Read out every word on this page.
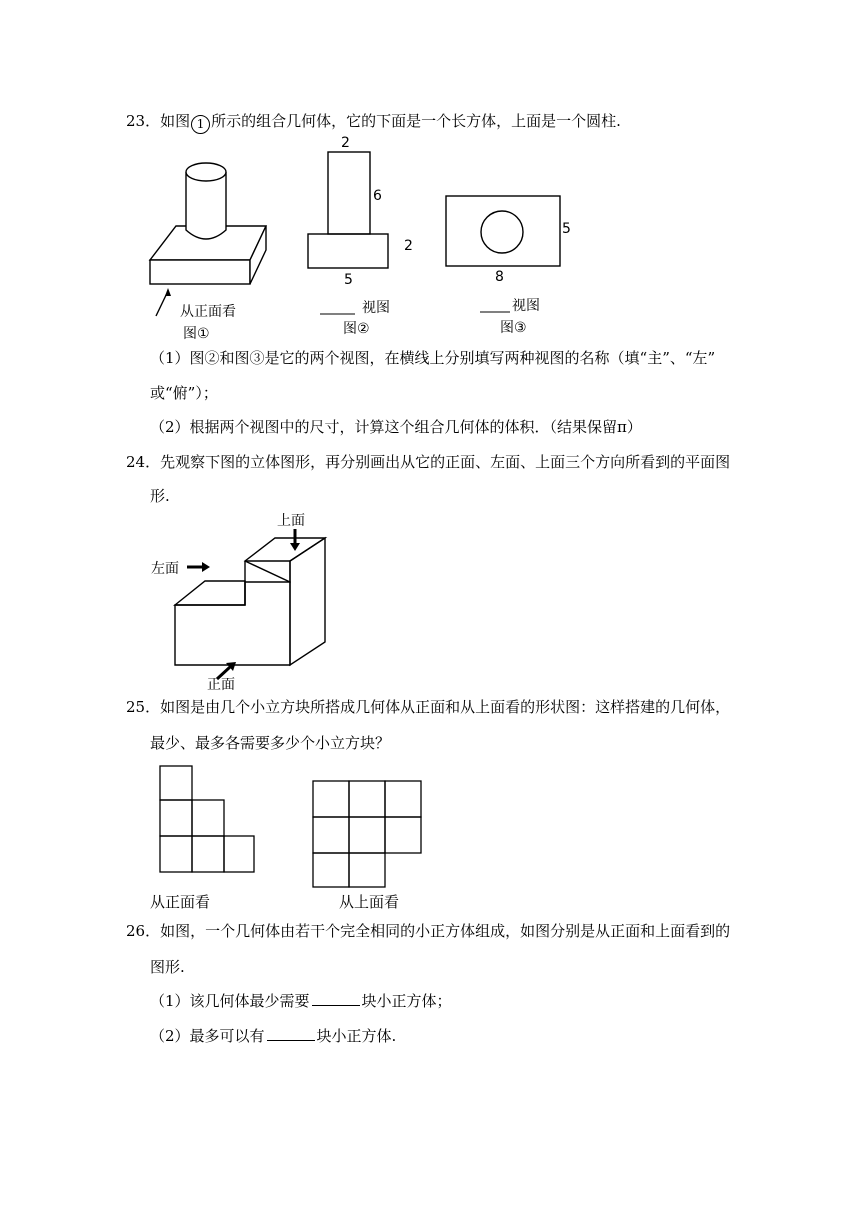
23．如图 1 所示的组合几何体，它的下面是一个长方体，上面是一个圆柱.
从正面看
图①
2
6
2
5
视图
图②
5
8
视图
图③
（1）图②和图③是它的两个视图，在横线上分别填写两种视图的名称（填“主”、“左”
或“俯”）；
（2）根据两个视图中的尺寸，计算这个组合几何体的体积．（结果保留π）
24．先观察下图的立体图形，再分别画出从它的正面、左面、上面三个方向所看到的平面图
形.
上面
左面
正面
25．如图是由几个小立方块所搭成几何体从正面和从上面看的形状图：这样搭建的几何体，
最少、最多各需要多少个小立方块？
从正面看	从上面看
26．如图，一个几何体由若干个完全相同的小正方体组成，如图分别是从正面和上面看到的
图形.
（1）该几何体最少需要	块小正方体；
（2）最多可以有	块小正方体.
